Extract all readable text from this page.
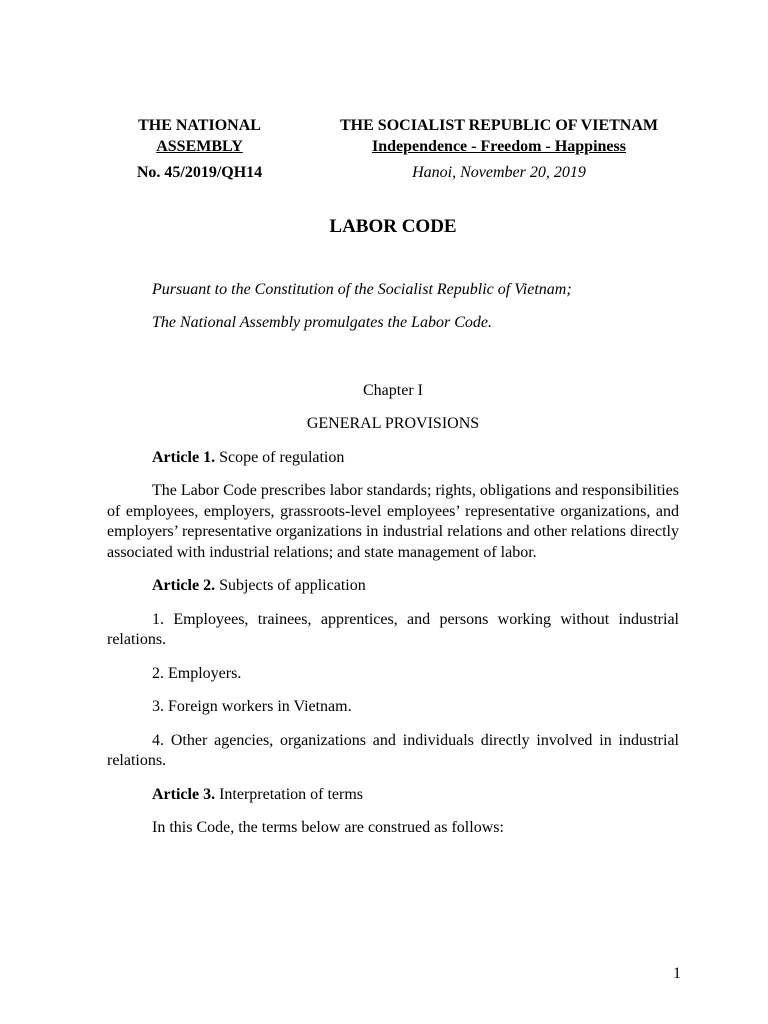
THE NATIONAL
ASSEMBLY
THE SOCIALIST REPUBLIC OF VIETNAM
Independence - Freedom - Happiness
No. 45/2019/QH14	Hanoi, November 20, 2019
LABOR CODE

Pursuant to the Constitution of the Socialist Republic of Vietnam;

The National Assembly promulgates the Labor Code.

Chapter I

GENERAL PROVISIONS

Article 1. Scope of regulation

The Labor Code prescribes labor standards; rights, obligations and responsibilities of employees, employers, grassroots-level employees’ representative organizations, and employers’ representative organizations in industrial relations and other relations directly associated with industrial relations; and state management of labor.

Article 2. Subjects of application

1. Employees, trainees, apprentices, and persons working without industrial relations.

2. Employers.

3. Foreign workers in Vietnam.

4. Other agencies, organizations and individuals directly involved in industrial relations.

Article 3. Interpretation of terms

In this Code, the terms below are construed as follows:

1
